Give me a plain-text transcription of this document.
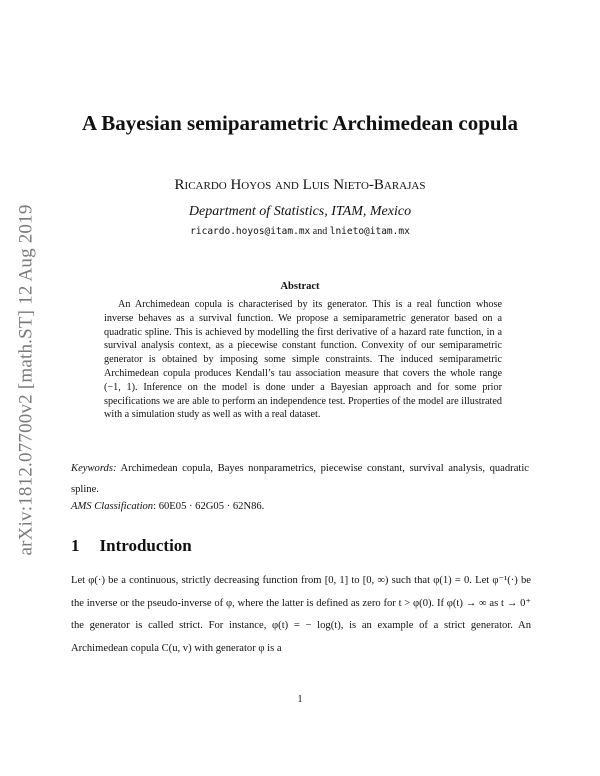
arXiv:1812.07700v2 [math.ST] 12 Aug 2019
A Bayesian semiparametric Archimedean copula
Ricardo Hoyos and Luis Nieto-Barajas
Department of Statistics, ITAM, Mexico
ricardo.hoyos@itam.mx and lnieto@itam.mx
Abstract
An Archimedean copula is characterised by its generator. This is a real function whose inverse behaves as a survival function. We propose a semiparametric generator based on a quadratic spline. This is achieved by modelling the first derivative of a hazard rate function, in a survival analysis context, as a piecewise constant function. Convexity of our semiparametric generator is obtained by imposing some simple constraints. The induced semiparametric Archimedean copula produces Kendall’s tau association measure that covers the whole range (−1, 1). Inference on the model is done under a Bayesian approach and for some prior specifications we are able to perform an independence test. Properties of the model are illustrated with a simulation study as well as with a real dataset.
Keywords: Archimedean copula, Bayes nonparametrics, piecewise constant, survival analysis, quadratic spline.
AMS Classification: 60E05 · 62G05 · 62N86.
1 Introduction
Let φ(·) be a continuous, strictly decreasing function from [0, 1] to [0, ∞) such that φ(1) = 0. Let φ⁻¹(·) be the inverse or the pseudo-inverse of φ, where the latter is defined as zero for t > φ(0). If φ(t) → ∞ as t → 0⁺ the generator is called strict. For instance, φ(t) = − log(t), is an example of a strict generator. An Archimedean copula C(u, v) with generator φ is a
1
